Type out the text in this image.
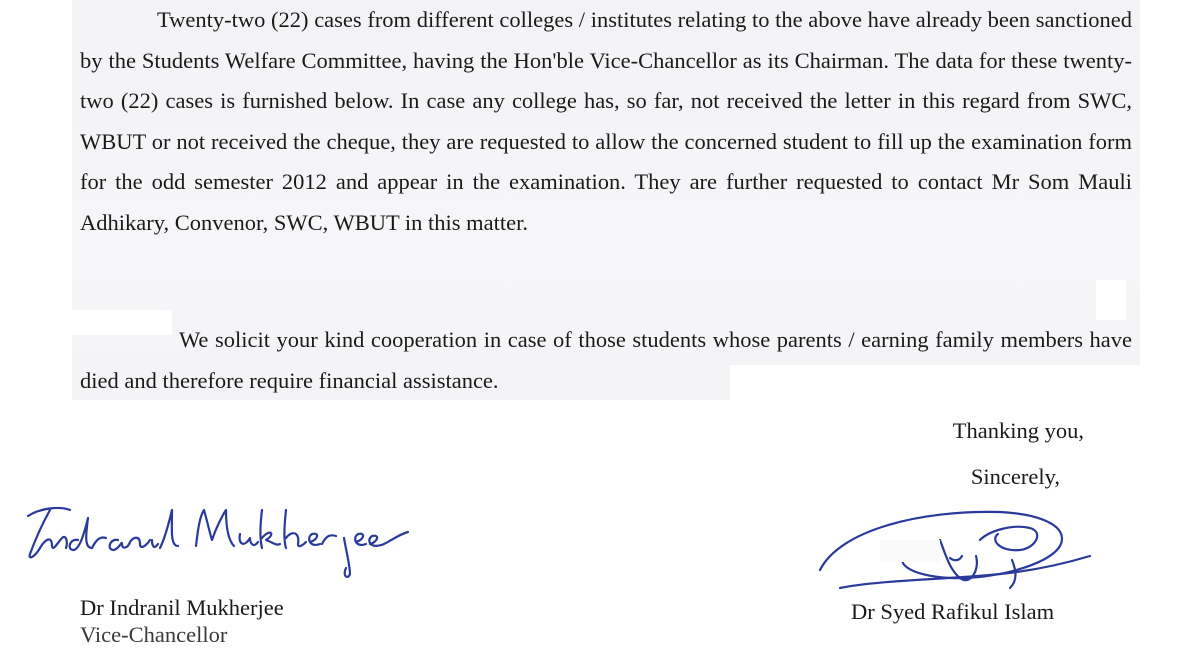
Twenty-two (22) cases from different colleges / institutes relating to the above have already been sanctioned by the Students Welfare Committee, having the Hon'ble Vice-Chancellor as its Chairman. The data for these twenty-two (22) cases is furnished below. In case any college has, so far, not received the letter in this regard from SWC, WBUT or not received the cheque, they are requested to allow the concerned student to fill up the examination form for the odd semester 2012 and appear in the examination. They are further requested to contact Mr Som Mauli Adhikary, Convenor, SWC, WBUT in this matter.

We solicit your kind cooperation in case of those students whose parents / earning family members have died and therefore require financial assistance.

Thanking you,
Sincerely,
Dr Indranil Mukherjee
Vice-Chancellor
Dr Syed Rafikul Islam
